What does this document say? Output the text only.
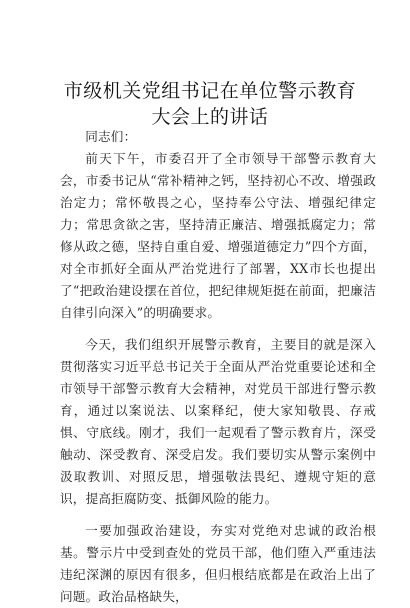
市级机关党组书记在单位警示教育大会上的讲话

同志们：

前天下午，市委召开了全市领导干部警示教育大会，市委书记从“常补精神之钙，坚持初心不改、增强政治定力；常怀敬畏之心，坚持奉公守法、增强纪律定力；常思贪欲之害，坚持清正廉洁、增强抵腐定力；常修从政之德，坚持自重自爱、增强道德定力”四个方面，对全市抓好全面从严治党进行了部署，XX市长也提出了“把政治建设摆在首位，把纪律规矩挺在前面，把廉洁自律引向深入”的明确要求。

今天，我们组织开展警示教育，主要目的就是深入贯彻落实习近平总书记关于全面从严治党重要论述和全市领导干部警示教育大会精神，对党员干部进行警示教育，通过以案说法、以案释纪，使大家知敬畏、存戒惧、守底线。刚才，我们一起观看了警示教育片，深受触动、深受教育、深受启发。我们要切实从警示案例中汲取教训、对照反思，增强敬法畏纪、遵规守矩的意识，提高拒腐防变、抵御风险的能力。

一要加强政治建设，夯实对党绝对忠诚的政治根基。警示片中受到查处的党员干部，他们堕入严重违法违纪深渊的原因有很多，但归根结底都是在政治上出了问题。政治品格缺失，
